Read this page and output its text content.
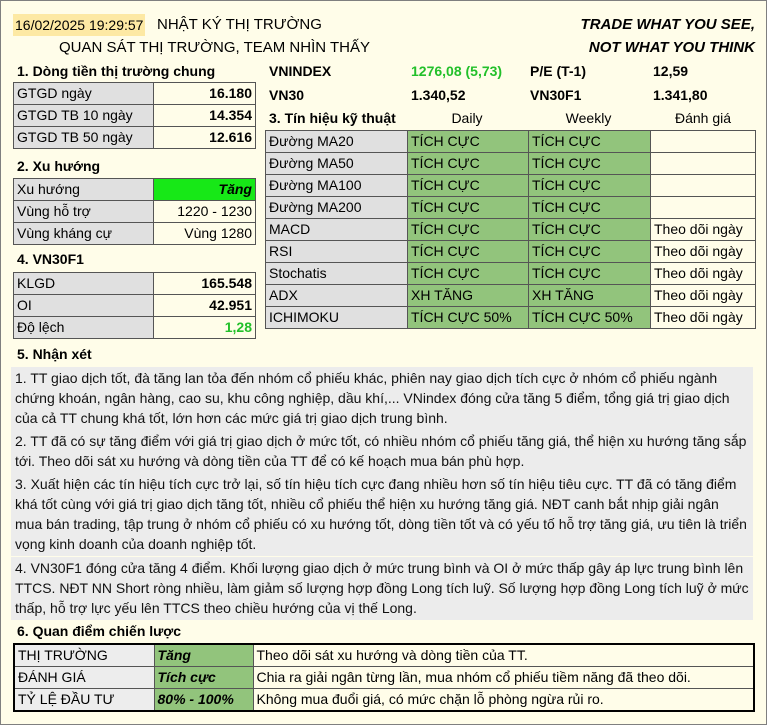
16/02/2025 19:29:57 NHẬT KÝ THỊ TRƯỜNG
QUAN SÁT THỊ TRƯỜNG, TEAM NHÌN THẤY
TRADE WHAT YOU SEE,
NOT WHAT YOU THINK
1. Dòng tiền thị trường chung
GTGD ngày	16.180
GTGD TB 10 ngày	14.354
GTGD TB 50 ngày	12.616
VNINDEX	1276,08 (5,73) P/E (T-1)	12,59
VN30	1.340,52	VN30F1	1.341,80
2. Xu hướng
Xu hướng	Tăng
Vùng hỗ trợ	1220 - 1230
Vùng kháng cự	Vùng 1280
4. VN30F1
KLGD	165.548
OI	42.951
Độ lệch	1,28
3. Tín hiệu kỹ thuật	Daily	Weekly	Đánh giá
Đường MA20	TÍCH CỰC	TÍCH CỰC	
Đường MA50	TÍCH CỰC	TÍCH CỰC	
Đường MA100	TÍCH CỰC	TÍCH CỰC	
Đường MA200	TÍCH CỰC	TÍCH CỰC	
MACD	TÍCH CỰC	TÍCH CỰC	Theo dõi ngày
RSI	TÍCH CỰC	TÍCH CỰC	Theo dõi ngày
Stochatis	TÍCH CỰC	TÍCH CỰC	Theo dõi ngày
ADX	XH TĂNG	XH TĂNG	Theo dõi ngày
ICHIMOKU	TÍCH CỰC 50%	TÍCH CỰC 50%	Theo dõi ngày
5. Nhận xét
1. TT giao dịch tốt, đà tăng lan tỏa đến nhóm cổ phiếu khác, phiên nay giao dịch tích cực ở nhóm cổ phiếu ngành chứng khoán, ngân hàng, cao su, khu công nghiệp, dầu khí,... VNindex đóng cửa tăng 5 điểm, tổng giá trị giao dịch của cả TT chung khá tốt, lớn hơn các mức giá trị giao dịch trung bình.
2. TT đã có sự tăng điểm với giá trị giao dịch ở mức tốt, có nhiều nhóm cổ phiếu tăng giá, thể hiện xu hướng tăng sắp tới. Theo dõi sát xu hướng và dòng tiền của TT để có kế hoạch mua bán phù hợp.
3. Xuất hiện các tín hiệu tích cực trở lại, số tín hiệu tích cực đang nhiều hơn số tín hiệu tiêu cực. TT đã có tăng điểm khá tốt cùng với giá trị giao dịch tăng tốt, nhiều cổ phiếu thể hiện xu hướng tăng giá. NĐT canh bắt nhịp giải ngân mua bán trading, tập trung ở nhóm cổ phiếu có xu hướng tốt, dòng tiền tốt và có yếu tố hỗ trợ tăng giá, ưu tiên là triển vọng kinh doanh của doanh nghiệp tốt.
4. VN30F1 đóng cửa tăng 4 điểm. Khối lượng giao dịch ở mức trung bình và OI ở mức thấp gây áp lực trung bình lên TTCS. NĐT NN Short ròng nhiều, làm giảm số lượng hợp đồng Long tích luỹ. Số lượng hợp đồng Long tích luỹ ở mức thấp, hỗ trợ lực yếu lên TTCS theo chiều hướng của vị thế Long.
6. Quan điểm chiến lược
THỊ TRƯỜNG	Tăng	Theo dõi sát xu hướng và dòng tiền của TT.
ĐÁNH GIÁ	Tích cực	Chia ra giải ngân từng lần, mua nhóm cổ phiếu tiềm năng đã theo dõi.
TỶ LỆ ĐẦU TƯ	80% - 100%	Không mua đuổi giá, có mức chặn lỗ phòng ngừa rủi ro.
